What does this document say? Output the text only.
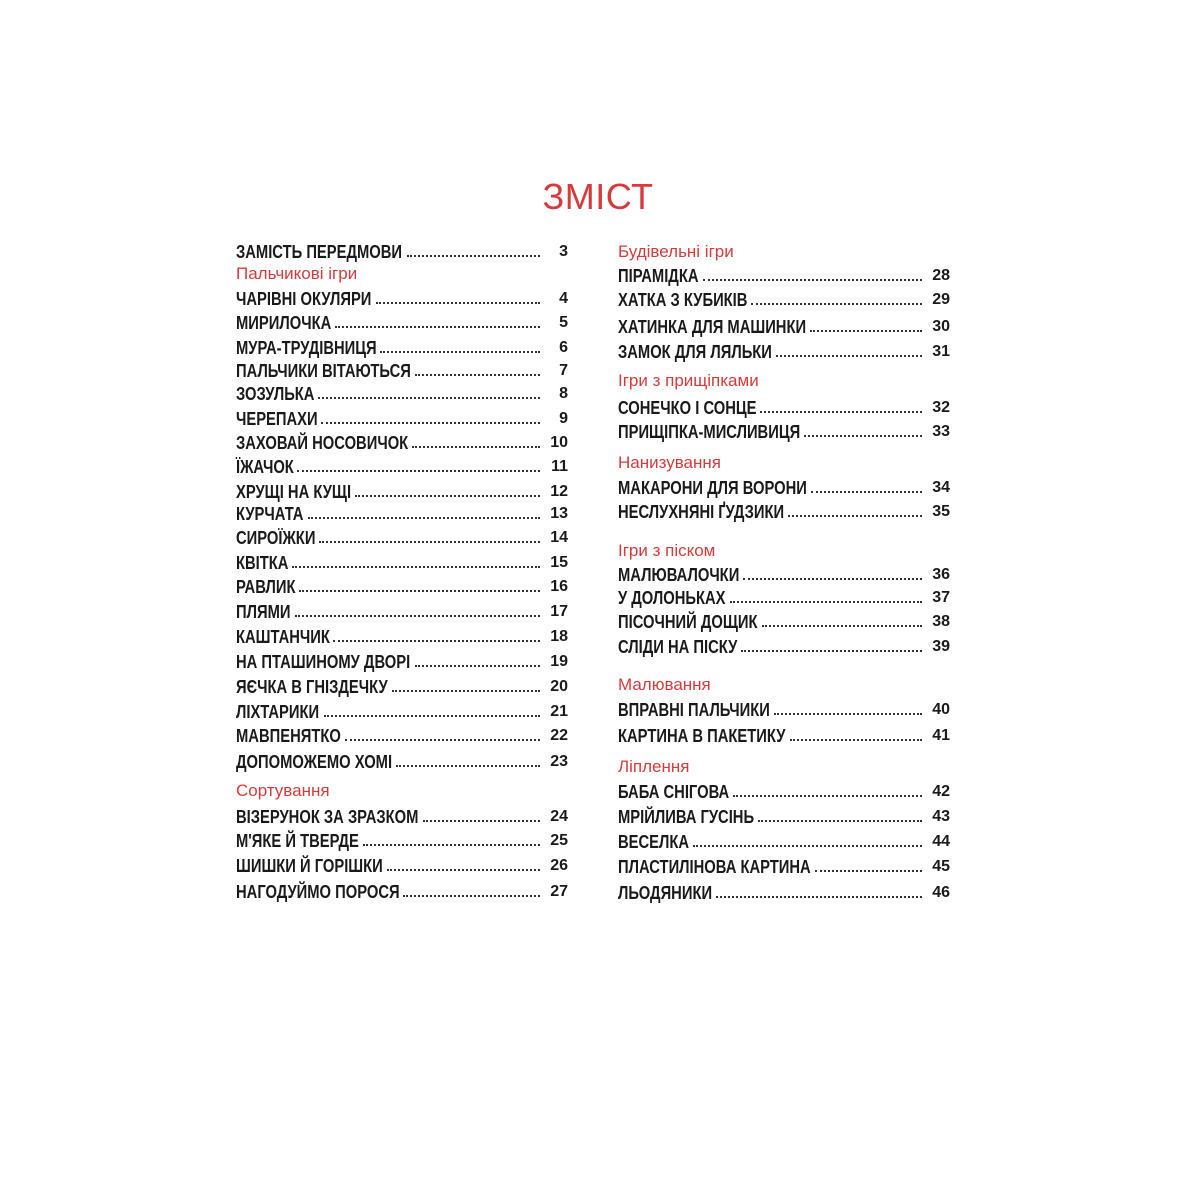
ЗМІСТ
ЗАМІСТЬ ПЕРЕДМОВИ	3
Пальчикові ігри
ЧАРІВНІ ОКУЛЯРИ	4
МИРИЛОЧКА	5
МУРА-ТРУДІВНИЦЯ	6
ПАЛЬЧИКИ ВІТАЮТЬСЯ	7
ЗОЗУЛЬКА	8
ЧЕРЕПАХИ	9
ЗАХОВАЙ НОСОВИЧОК	10
ЇЖАЧОК	11
ХРУЩІ НА КУЩІ	12
КУРЧАТА	13
СИРОЇЖКИ	14
КВІТКА	15
РАВЛИК	16
ПЛЯМИ	17
КАШТАНЧИК	18
НА ПТАШИНОМУ ДВОРІ	19
ЯЄЧКА В ГНІЗДЕЧКУ	20
ЛІХТАРИКИ	21
МАВПЕНЯТКО	22
ДОПОМОЖЕМО ХОМІ	23
Сортування
ВІЗЕРУНОК ЗА ЗРАЗКОМ	24
М'ЯКЕ Й ТВЕРДЕ	25
ШИШКИ Й ГОРІШКИ	26
НАГОДУЙМО ПОРОСЯ	27
Будівельні ігри
ПІРАМІДКА	28
ХАТКА З КУБИКІВ	29
ХАТИНКА ДЛЯ МАШИНКИ	30
ЗАМОК ДЛЯ ЛЯЛЬКИ	31
Ігри з прищіпками
СОНЕЧКО І СОНЦЕ	32
ПРИЩІПКА-МИСЛИВИЦЯ	33
Нанизування
МАКАРОНИ ДЛЯ ВОРОНИ	34
НЕСЛУХНЯНІ ҐУДЗИКИ	35
Ігри з піском
МАЛЮВАЛОЧКИ	36
У ДОЛОНЬКАХ	37
ПІСОЧНИЙ ДОЩИК	38
СЛІДИ НА ПІСКУ	39
Малювання
ВПРАВНІ ПАЛЬЧИКИ	40
КАРТИНА В ПАКЕТИКУ	41
Ліплення
БАБА СНІГОВА	42
МРІЙЛИВА ГУСІНЬ	43
ВЕСЕЛКА	44
ПЛАСТИЛІНОВА КАРТИНА	45
ЛЬОДЯНИКИ	46
